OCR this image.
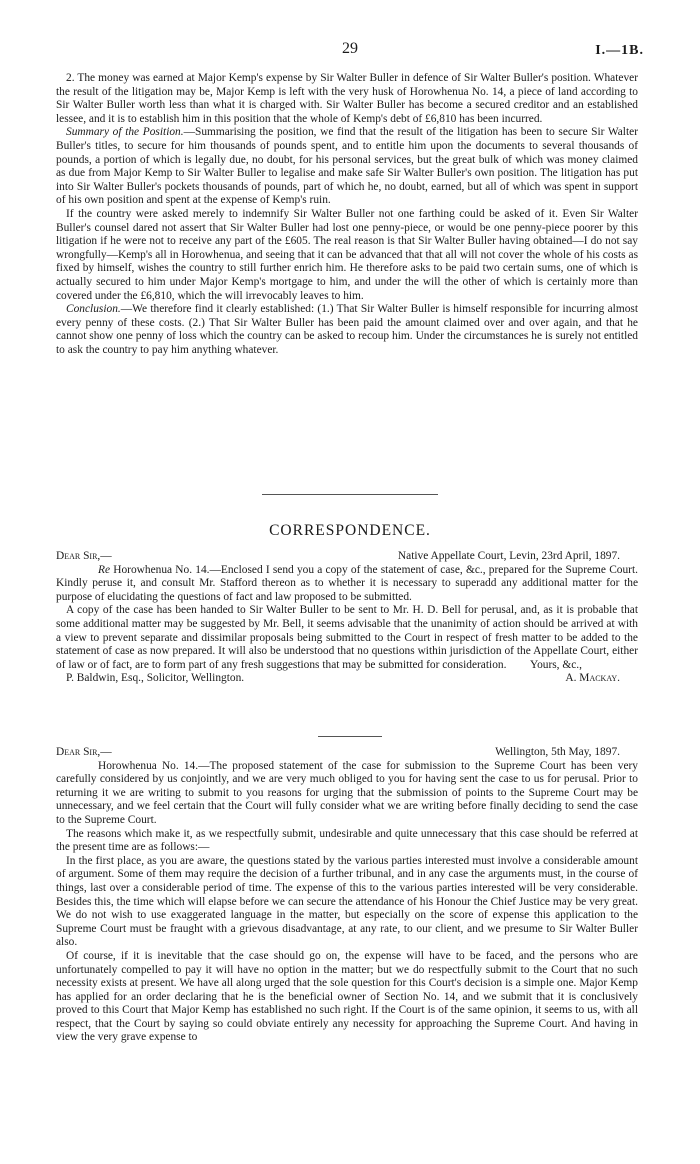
29	I.—1B.

2. The money was earned at Major Kemp's expense by Sir Walter Buller in defence of Sir Walter Buller's position. Whatever the result of the litigation may be, Major Kemp is left with the very husk of Horowhenua No. 14, a piece of land according to Sir Walter Buller worth less than what it is charged with. Sir Walter Buller has become a secured creditor and an established lessee, and it is to establish him in this position that the whole of Kemp's debt of £6,810 has been incurred.

Summary of the Position.—Summarising the position, we find that the result of the litigation has been to secure Sir Walter Buller's titles, to secure for him thousands of pounds spent, and to entitle him upon the documents to several thousands of pounds, a portion of which is legally due, no doubt, for his personal services, but the great bulk of which was money claimed as due from Major Kemp to Sir Walter Buller to legalise and make safe Sir Walter Buller's own position. The litigation has put into Sir Walter Buller's pockets thousands of pounds, part of which he, no doubt, earned, but all of which was spent in support of his own position and spent at the expense of Kemp's ruin.

If the country were asked merely to indemnify Sir Walter Buller not one farthing could be asked of it. Even Sir Walter Buller's counsel dared not assert that Sir Walter Buller had lost one penny-piece, or would be one penny-piece poorer by this litigation if he were not to receive any part of the £605. The real reason is that Sir Walter Buller having obtained—I do not say wrongfully—Kemp's all in Horowhenua, and seeing that it can be advanced that that all will not cover the whole of his costs as fixed by himself, wishes the country to still further enrich him. He therefore asks to be paid two certain sums, one of which is actually secured to him under Major Kemp's mortgage to him, and under the will the other of which is certainly more than covered under the £6,810, which the will irrevocably leaves to him.

Conclusion.—We therefore find it clearly established: (1.) That Sir Walter Buller is himself responsible for incurring almost every penny of these costs. (2.) That Sir Walter Buller has been paid the amount claimed over and over again, and that he cannot show one penny of loss which the country can be asked to recoup him. Under the circumstances he is surely not entitled to ask the country to pay him anything whatever.

CORRESPONDENCE.
Dear Sir,—	Native Appellate Court, Levin, 23rd April, 1897.

Re Horowhenua No. 14.—Enclosed I send you a copy of the statement of case, &c., prepared for the Supreme Court. Kindly peruse it, and consult Mr. Stafford thereon as to whether it is necessary to superadd any additional matter for the purpose of elucidating the questions of fact and law proposed to be submitted.

A copy of the case has been handed to Sir Walter Buller to be sent to Mr. H. D. Bell for perusal, and, as it is probable that some additional matter may be suggested by Mr. Bell, it seems advisable that the unanimity of action should be arrived at with a view to prevent separate and dissimilar proposals being submitted to the Court in respect of fresh matter to be added to the statement of case as now prepared. It will also be understood that no questions within jurisdiction of the Appellate Court, either of law or of fact, are to form part of any fresh suggestions that may be submitted for consideration.	Yours, &c.,
P. Baldwin, Esq., Solicitor, Wellington.	A. Mackay.
Dear Sir,—	Wellington, 5th May, 1897.

Horowhenua No. 14.—The proposed statement of the case for submission to the Supreme Court has been very carefully considered by us conjointly, and we are very much obliged to you for having sent the case to us for perusal. Prior to returning it we are writing to submit to you reasons for urging that the submission of points to the Supreme Court may be unnecessary, and we feel certain that the Court will fully consider what we are writing before finally deciding to send the case to the Supreme Court.

The reasons which make it, as we respectfully submit, undesirable and quite unnecessary that this case should be referred at the present time are as follows:—

In the first place, as you are aware, the questions stated by the various parties interested must involve a considerable amount of argument. Some of them may require the decision of a further tribunal, and in any case the arguments must, in the course of things, last over a considerable period of time. The expense of this to the various parties interested will be very considerable. Besides this, the time which will elapse before we can secure the attendance of his Honour the Chief Justice may be very great. We do not wish to use exaggerated language in the matter, but especially on the score of expense this application to the Supreme Court must be fraught with a grievous disadvantage, at any rate, to our client, and we presume to Sir Walter Buller also.

Of course, if it is inevitable that the case should go on, the expense will have to be faced, and the persons who are unfortunately compelled to pay it will have no option in the matter; but we do respectfully submit to the Court that no such necessity exists at present. We have all along urged that the sole question for this Court's decision is a simple one. Major Kemp has applied for an order declaring that he is the beneficial owner of Section No. 14, and we submit that it is conclusively proved to this Court that Major Kemp has established no such right. If the Court is of the same opinion, it seems to us, with all respect, that the Court by saying so could obviate entirely any necessity for approaching the Supreme Court. And having in view the very grave expense to
